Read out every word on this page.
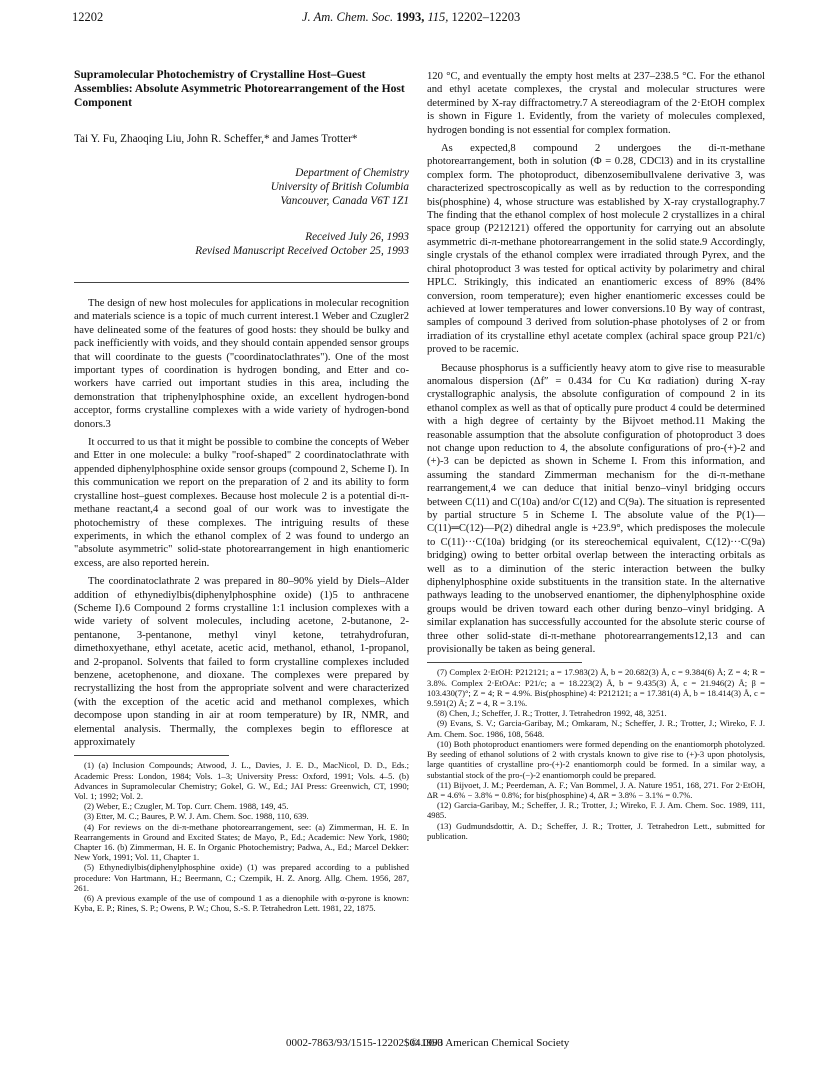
12202	J. Am. Chem. Soc. 1993, 115, 12202–12203
Supramolecular Photochemistry of Crystalline Host–Guest Assemblies: Absolute Asymmetric Photorearrangement of the Host Component
Tai Y. Fu, Zhaoqing Liu, John R. Scheffer,* and James Trotter*
Department of Chemistry
University of British Columbia
Vancouver, Canada V6T 1Z1
Received July 26, 1993
Revised Manuscript Received October 25, 1993

The design of new host molecules for applications in molecular recognition and materials science is a topic of much current interest.1 Weber and Czugler2 have delineated some of the features of good hosts: they should be bulky and pack inefficiently with voids, and they should contain appended sensor groups that will coordinate to the guests ("coordinatoclathrates"). One of the most important types of coordination is hydrogen bonding, and Etter and co-workers have carried out important studies in this area, including the demonstration that triphenylphosphine oxide, an excellent hydrogen-bond acceptor, forms crystalline complexes with a wide variety of hydrogen-bond donors.3

It occurred to us that it might be possible to combine the concepts of Weber and Etter in one molecule: a bulky "roof-shaped" 2 coordinatoclathrate with appended diphenylphosphine oxide sensor groups (compound 2, Scheme I). In this communication we report on the preparation of 2 and its ability to form crystalline host–guest complexes. Because host molecule 2 is a potential di-π-methane reactant,4 a second goal of our work was to investigate the photochemistry of these complexes. The intriguing results of these experiments, in which the ethanol complex of 2 was found to undergo an "absolute asymmetric" solid-state photorearrangement in high enantiomeric excess, are also reported herein.

The coordinatoclathrate 2 was prepared in 80–90% yield by Diels–Alder addition of ethynediylbis(diphenylphosphine oxide) (1)5 to anthracene (Scheme I).6 Compound 2 forms crystalline 1:1 inclusion complexes with a wide variety of solvent molecules, including acetone, 2-butanone, 2-pentanone, 3-pentanone, methyl vinyl ketone, tetrahydrofuran, dimethoxyethane, ethyl acetate, acetic acid, methanol, ethanol, 1-propanol, and 2-propanol. Solvents that failed to form crystalline complexes included benzene, acetophenone, and dioxane. The complexes were prepared by recrystallizing the host from the appropriate solvent and were characterized (with the exception of the acetic acid and methanol complexes, which decompose upon standing in air at room temperature) by IR, NMR, and elemental analysis. Thermally, the complexes begin to effloresce at approximately

(1) (a) Inclusion Compounds; Atwood, J. L., Davies, J. E. D., MacNicol, D. D., Eds.; Academic Press: London, 1984; Vols. 1–3; University Press: Oxford, 1991; Vols. 4–5. (b) Advances in Supramolecular Chemistry; Gokel, G. W., Ed.; JAI Press: Greenwich, CT, 1990; Vol. 1; 1992; Vol. 2.

(2) Weber, E.; Czugler, M. Top. Curr. Chem. 1988, 149, 45.

(3) Etter, M. C.; Baures, P. W. J. Am. Chem. Soc. 1988, 110, 639.

(4) For reviews on the di-π-methane photorearrangement, see: (a) Zimmerman, H. E. In Rearrangements in Ground and Excited States; de Mayo, P., Ed.; Academic: New York, 1980; Chapter 16. (b) Zimmerman, H. E. In Organic Photochemistry; Padwa, A., Ed.; Marcel Dekker: New York, 1991; Vol. 11, Chapter 1.

(5) Ethynediylbis(diphenylphosphine oxide) (1) was prepared according to a published procedure: Von Hartmann, H.; Beermann, C.; Czempik, H. Z. Anorg. Allg. Chem. 1956, 287, 261.

(6) A previous example of the use of compound 1 as a dienophile with α-pyrone is known: Kyba, E. P.; Rines, S. P.; Owens, P. W.; Chou, S.-S. P. Tetrahedron Lett. 1981, 22, 1875.

120 °C, and eventually the empty host melts at 237–238.5 °C. For the ethanol and ethyl acetate complexes, the crystal and molecular structures were determined by X-ray diffractometry.7 A stereodiagram of the 2·EtOH complex is shown in Figure 1. Evidently, from the variety of molecules complexed, hydrogen bonding is not essential for complex formation.

As expected,8 compound 2 undergoes the di-π-methane photorearrangement, both in solution (Φ = 0.28, CDCl3) and in its crystalline complex form. The photoproduct, dibenzosemibullvalene derivative 3, was characterized spectroscopically as well as by reduction to the corresponding bis(phosphine) 4, whose structure was established by X-ray crystallography.7 The finding that the ethanol complex of host molecule 2 crystallizes in a chiral space group (P212121) offered the opportunity for carrying out an absolute asymmetric di-π-methane photorearrangement in the solid state.9 Accordingly, single crystals of the ethanol complex were irradiated through Pyrex, and the chiral photoproduct 3 was tested for optical activity by polarimetry and chiral HPLC. Strikingly, this indicated an enantiomeric excess of 89% (84% conversion, room temperature); even higher enantiomeric excesses could be achieved at lower temperatures and lower conversions.10 By way of contrast, samples of compound 3 derived from solution-phase photolyses of 2 or from irradiation of its crystalline ethyl acetate complex (achiral space group P21/c) proved to be racemic.

Because phosphorus is a sufficiently heavy atom to give rise to measurable anomalous dispersion (Δf″ = 0.434 for Cu Kα radiation) during X-ray crystallographic analysis, the absolute configuration of compound 2 in its ethanol complex as well as that of optically pure product 4 could be determined with a high degree of certainty by the Bijvoet method.11 Making the reasonable assumption that the absolute configuration of photoproduct 3 does not change upon reduction to 4, the absolute configurations of pro-(+)-2 and (+)-3 can be depicted as shown in Scheme I. From this information, and assuming the standard Zimmerman mechanism for the di-π-methane rearrangement,4 we can deduce that initial benzo–vinyl bridging occurs between C(11) and C(10a) and/or C(12) and C(9a). The situation is represented by partial structure 5 in Scheme I. The absolute value of the P(1)—C(11)═C(12)—P(2) dihedral angle is +23.9°, which predisposes the molecule to C(11)···C(10a) bridging (or its stereochemical equivalent, C(12)···C(9a) bridging) owing to better orbital overlap between the interacting orbitals as well as to a diminution of the steric interaction between the bulky diphenylphosphine oxide substituents in the transition state. In the alternative pathways leading to the unobserved enantiomer, the diphenylphosphine oxide groups would be driven toward each other during benzo–vinyl bridging. A similar explanation has successfully accounted for the absolute steric course of three other solid-state di-π-methane photorearrangements12,13 and can provisionally be taken as being general.

(7) Complex 2·EtOH: P212121; a = 17.983(2) Å, b = 20.682(3) Å, c = 9.384(6) Å; Z = 4; R = 3.8%. Complex 2·EtOAc: P21/c; a = 18.223(2) Å, b = 9.435(3) Å, c = 21.946(2) Å; β = 103.430(7)°; Z = 4; R = 4.9%. Bis(phosphine) 4: P212121; a = 17.381(4) Å, b = 18.414(3) Å, c = 9.591(2) Å; Z = 4, R = 3.1%.

(8) Chen, J.; Scheffer, J. R.; Trotter, J. Tetrahedron 1992, 48, 3251.

(9) Evans, S. V.; Garcia-Garibay, M.; Omkaram, N.; Scheffer, J. R.; Trotter, J.; Wireko, F. J. Am. Chem. Soc. 1986, 108, 5648.

(10) Both photoproduct enantiomers were formed depending on the enantiomorph photolyzed. By seeding of ethanol solutions of 2 with crystals known to give rise to (+)-3 upon photolysis, large quantities of crystalline pro-(+)-2 enantiomorph could be formed. In a similar way, a substantial stock of the pro-(−)-2 enantiomorph could be prepared.

(11) Bijvoet, J. M.; Peerdeman, A. F.; Van Bommel, J. A. Nature 1951, 168, 271. For 2·EtOH, ΔR = 4.6% − 3.8% = 0.8%; for bis(phosphine) 4, ΔR = 3.8% − 3.1% = 0.7%.

(12) Garcia-Garibay, M.; Scheffer, J. R.; Trotter, J.; Wireko, F. J. Am. Chem. Soc. 1989, 111, 4985.

(13) Gudmundsdottir, A. D.; Scheffer, J. R.; Trotter, J. Tetrahedron Lett., submitted for publication.

0002-7863/93/1515-12202$04.00/0
© 1993 American Chemical Society
